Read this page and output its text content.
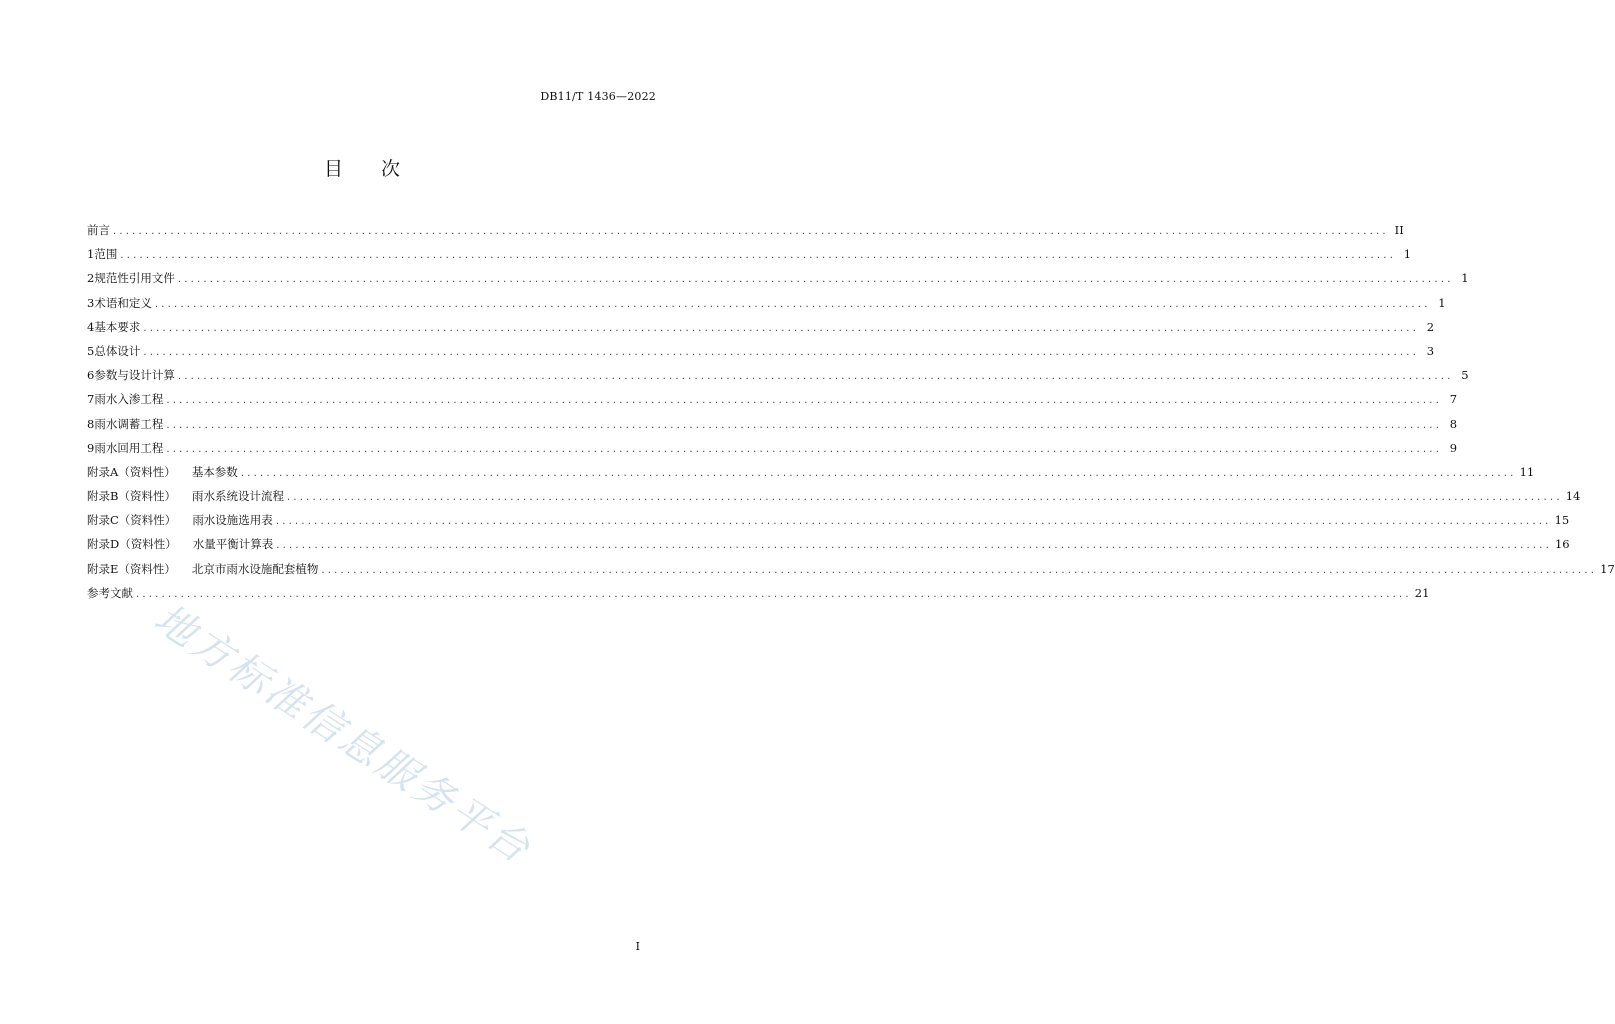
DB11/T 1436—2022
目 次
前 言 ........................................................................................................................................................................................................ II
1 范围 ........................................................................................................................................................................................................ 1
2 规范性引用文件 ........................................................................................................................................................................................................ 1
3 术语和定义 ........................................................................................................................................................................................................ 1
4 基本要求 ........................................................................................................................................................................................................ 2
5 总体设计 ........................................................................................................................................................................................................ 3
6 参数与设计计算 ........................................................................................................................................................................................................ 5
7 雨水入渗工程 ........................................................................................................................................................................................................ 7
8 雨水调蓄工程 ........................................................................................................................................................................................................ 8
9 雨水回用工程 ........................................................................................................................................................................................................ 9
附录A（资料性） 基本参数 ........................................................................................................................................................................................................ 11
附录B（资料性） 雨水系统设计流程 ........................................................................................................................................................................................................ 14
附录C（资料性） 雨水设施选用表 ........................................................................................................................................................................................................ 15
附录D（资料性） 水量平衡计算表 ........................................................................................................................................................................................................ 16
附录E（资料性） 北京市雨水设施配套植物 ........................................................................................................................................................................................................ 17
参考文献 ........................................................................................................................................................................................................ 21
地方标准信息服务平台
I
